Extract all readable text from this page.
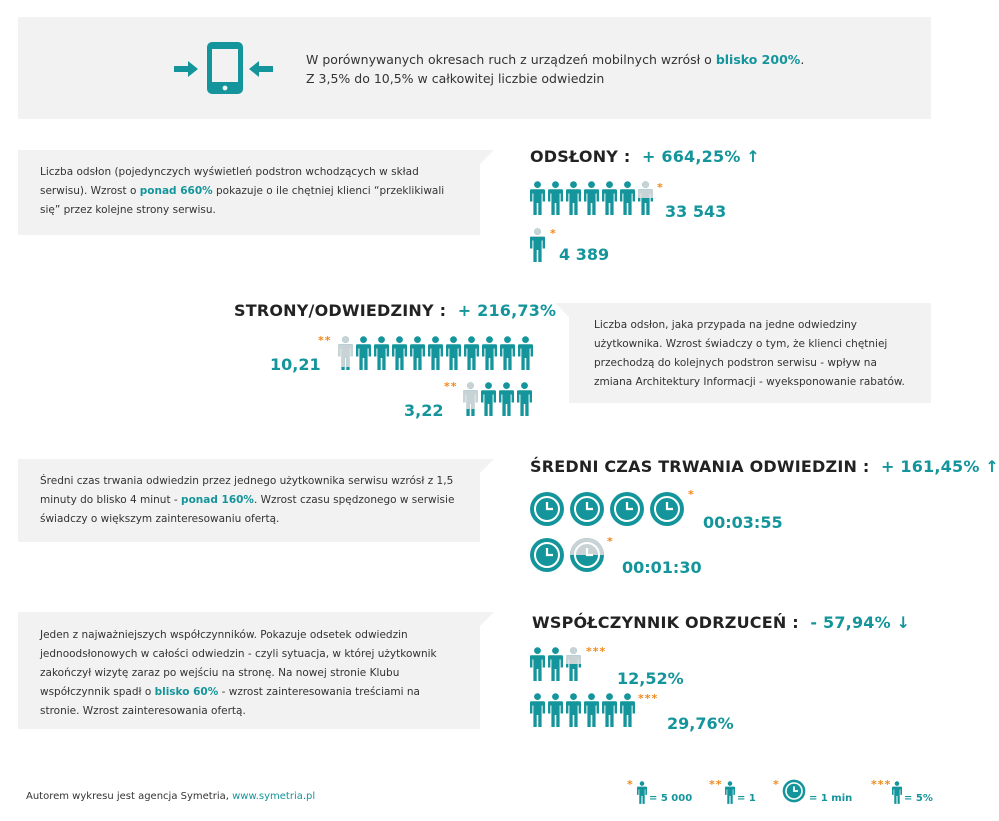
W porównywanych okresach ruch z urządzeń mobilnych wzrósł o blisko 200%.
Z 3,5% do 10,5% w całkowitej liczbie odwiedzin
Liczba odsłon (pojedynczych wyświetleń podstron wchodzących w skład serwisu). Wzrost o ponad 660% pokazuje o ile chętniej klienci “przeklikiwali się” przez kolejne strony serwisu.
ODSŁONY : + 664,25% ↑
*
33 543
*
4 389
STRONY/ODWIEDZINY : + 216,73%
Liczba odsłon, jaka przypada na jedne odwiedziny użytkownika. Wzrost świadczy o tym, że klienci chętniej przechodzą do kolejnych podstron serwisu - wpływ na zmiana Architektury Informacji - wyeksponowanie rabatów.
**
10,21
**
3,22
Średni czas trwania odwiedzin przez jednego użytkownika serwisu wzrósł z 1,5 minuty do blisko 4 minut - ponad 160%. Wzrost czasu spędzonego w serwisie świadczy o większym zainteresowaniu ofertą.
ŚREDNI CZAS TRWANIA ODWIEDZIN : + 161,45% ↑
*
00:03:55
*
00:01:30
Jeden z najważniejszych współczynników. Pokazuje odsetek odwiedzin jednoodsłonowych w całości odwiedzin - czyli sytuacja, w której użytkownik zakończył wizytę zaraz po wejściu na stronę. Na nowej stronie Klubu współczynnik spadł o blisko 60% - wzrost zainteresowania treściami na stronie. Wzrost zainteresowania ofertą.
WSPÓŁCZYNNIK ODRZUCEŃ : - 57,94% ↓
***
12,52%
***
29,76%
Autorem wykresu jest agencja Symetria, www.symetria.pl
*
= 5 000
**
= 1
*
= 1 min
***
= 5%
